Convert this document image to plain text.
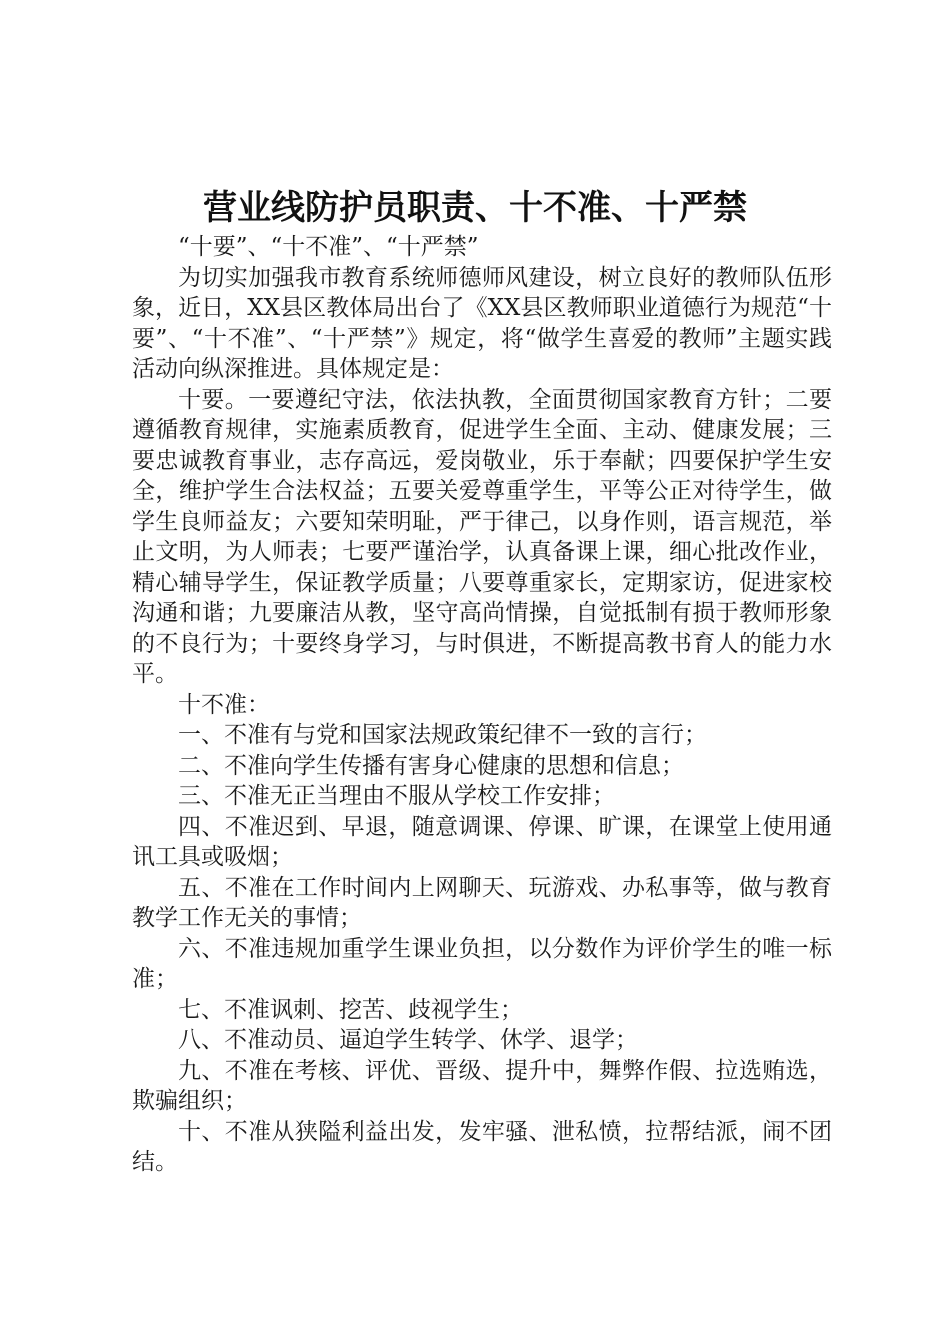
营业线防护员职责、十不准、十严禁

“十要”、“十不准”、“十严禁”

为切实加强我市教育系统师德师风建设，树立良好的教师队伍形象，近日，XX县区教体局出台了《XX县区教师职业道德行为规范“十要”、“十不准”、“十严禁”》规定，将“做学生喜爱的教师”主题实践活动向纵深推进。具体规定是：

十要。一要遵纪守法，依法执教，全面贯彻国家教育方针；二要遵循教育规律，实施素质教育，促进学生全面、主动、健康发展；三要忠诚教育事业，志存高远，爱岗敬业，乐于奉献；四要保护学生安全，维护学生合法权益；五要关爱尊重学生，平等公正对待学生，做学生良师益友；六要知荣明耻，严于律己，以身作则，语言规范，举止文明，为人师表；七要严谨治学，认真备课上课，细心批改作业，精心辅导学生，保证教学质量；八要尊重家长，定期家访，促进家校沟通和谐；九要廉洁从教，坚守高尚情操，自觉抵制有损于教师形象的不良行为；十要终身学习，与时俱进，不断提高教书育人的能力水平。

十不准：

一、不准有与党和国家法规政策纪律不一致的言行；

二、不准向学生传播有害身心健康的思想和信息；

三、不准无正当理由不服从学校工作安排；

四、不准迟到、早退，随意调课、停课、旷课，在课堂上使用通讯工具或吸烟；

五、不准在工作时间内上网聊天、玩游戏、办私事等，做与教育教学工作无关的事情；

六、不准违规加重学生课业负担，以分数作为评价学生的唯一标准；

七、不准讽刺、挖苦、歧视学生；

八、不准动员、逼迫学生转学、休学、退学；

九、不准在考核、评优、晋级、提升中，舞弊作假、拉选贿选，欺骗组织；

十、不准从狭隘利益出发，发牢骚、泄私愤，拉帮结派，闹不团结。
